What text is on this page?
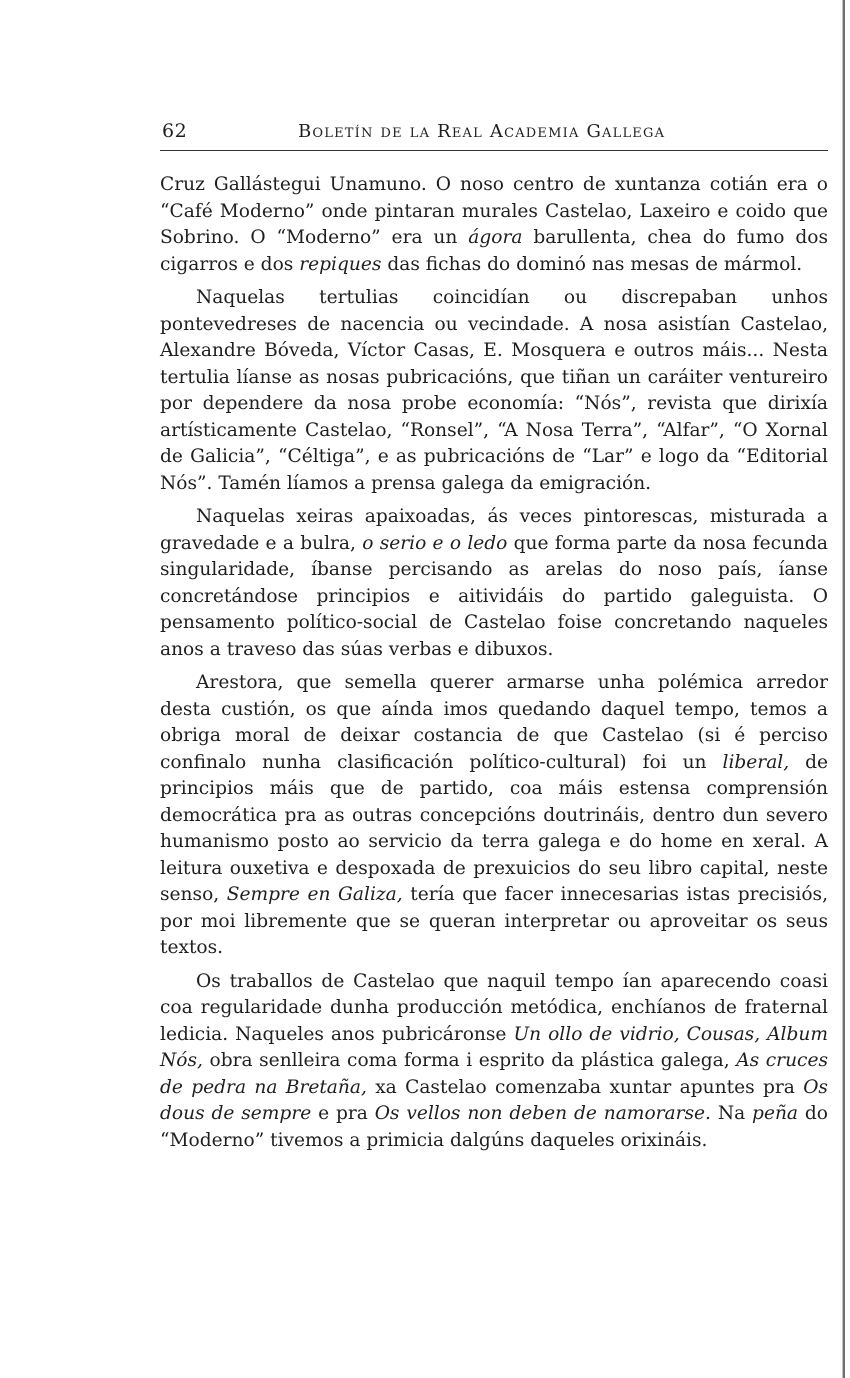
62	Boletín de la Real Academia Gallega

Cruz Gallástegui Unamuno. O noso centro de xuntanza cotián era o “Café Moderno” onde pintaran murales Castelao, Laxeiro e coido que Sobrino. O “Moderno” era un ágora barullenta, chea do fumo dos cigarros e dos repiques das fichas do dominó nas mesas de mármol.

Naquelas tertulias coincidían ou discrepaban unhos pontevedreses de nacencia ou vecindade. A nosa asistían Castelao, Alexandre Bóveda, Víctor Casas, E. Mosquera e outros máis... Nesta tertulia líanse as nosas pubricacións, que tiñan un caráiter ventureiro por dependere da nosa probe economía: “Nós”, revista que dirixía artísticamente Castelao, “Ronsel”, “A Nosa Terra”, “Alfar”, “O Xornal de Galicia”, “Céltiga”, e as pubricacións de “Lar” e logo da “Editorial Nós”. Tamén líamos a prensa galega da emigración.

Naquelas xeiras apaixoadas, ás veces pintorescas, misturada a gravedade e a bulra, o serio e o ledo que forma parte da nosa fecunda singularidade, íbanse percisando as arelas do noso país, íanse concretándose principios e aitividáis do partido galeguista. O pensamento político-social de Castelao foise concretando naqueles anos a traveso das súas verbas e dibuxos.

Arestora, que semella querer armarse unha polémica arredor desta custión, os que aínda imos quedando daquel tempo, temos a obriga moral de deixar costancia de que Castelao (si é perciso confinalo nunha clasificación político-cultural) foi un liberal, de principios máis que de partido, coa máis estensa comprensión democrática pra as outras concepcións doutrináis, dentro dun severo humanismo posto ao servicio da terra galega e do home en xeral. A leitura ouxetiva e despoxada de prexuicios do seu libro capital, neste senso, Sempre en Galiza, tería que facer innecesarias istas precisiós, por moi libremente que se queran interpretar ou aproveitar os seus textos.

Os traballos de Castelao que naquil tempo ían aparecendo coasi coa regularidade dunha producción metódica, enchíanos de fraternal ledicia. Naqueles anos pubricáronse Un ollo de vidrio, Cousas, Album Nós, obra senlleira coma forma i esprito da plástica galega, As cruces de pedra na Bretaña, xa Castelao comenzaba xuntar apuntes pra Os dous de sempre e pra Os vellos non deben de namorarse. Na peña do “Moderno” tivemos a primicia dalgúns daqueles orixináis.
